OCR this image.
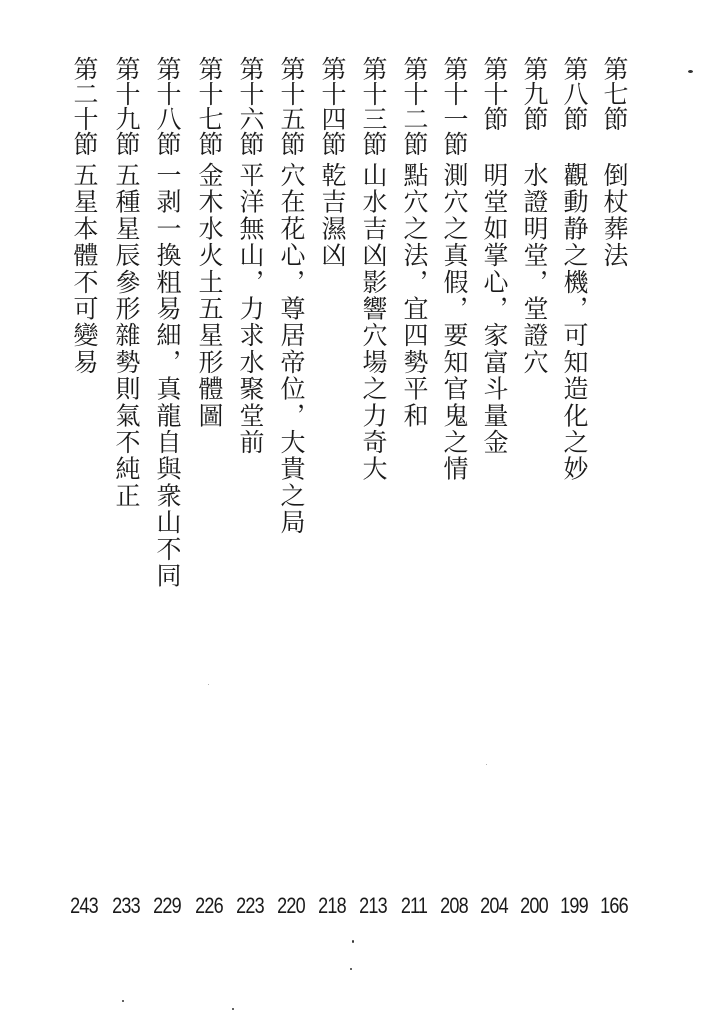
第七節
倒杖葬法
166
第八節
觀動静之機，可知造化之妙
199
第九節
水證明堂，堂證穴
200
第十節
明堂如掌心，家富斗量金
204
第十一節
測穴之真假，要知官鬼之情
208
第十二節
點穴之法，宜四勢平和
211
第十三節
山水吉凶影響穴場之力奇大
213
第十四節
乾吉濕凶
218
第十五節
穴在花心，尊居帝位，大貴之局
220
第十六節
平洋無山，力求水聚堂前
223
第十七節
金木水火土五星形體圖
226
第十八節
一剥一換粗易細，真龍自與衆山不同
229
第十九節
五種星辰參形雜勢則氣不純正
233
第二十節
五星本體不可變易
243
